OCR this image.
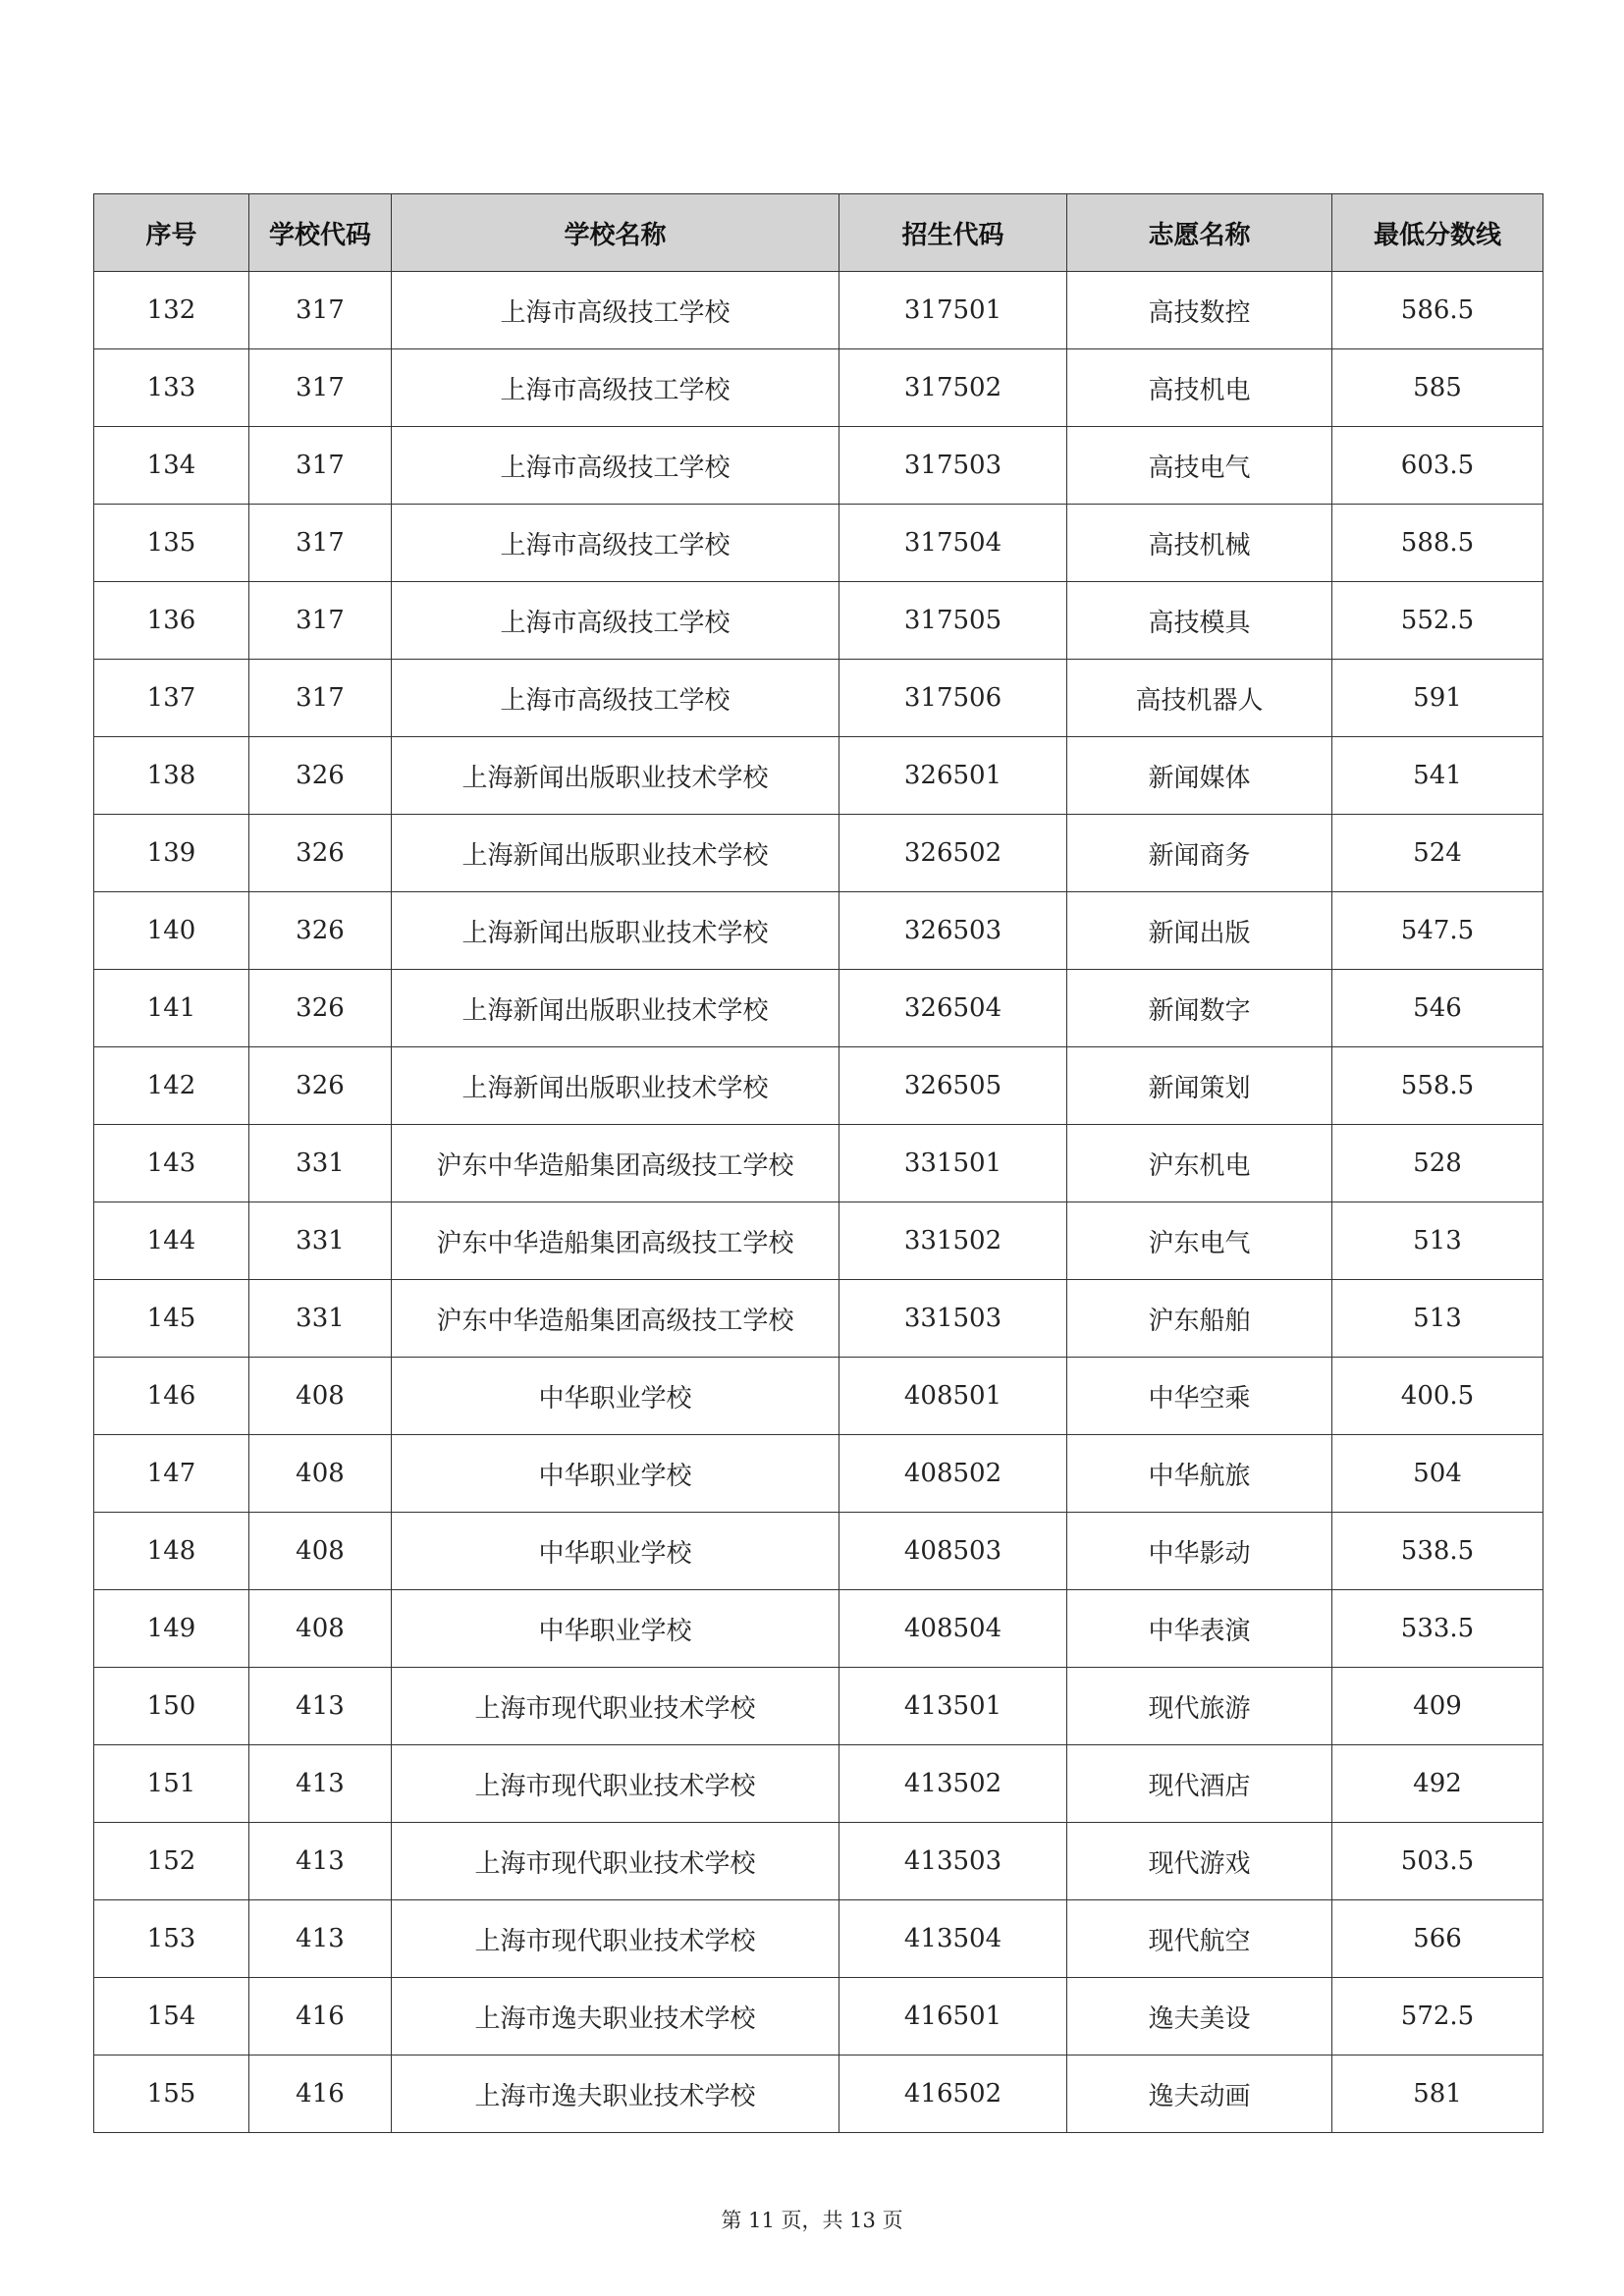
序号	学校代码	学校名称	招生代码	志愿名称	最低分数线
132	317	上海市高级技工学校	317501	高技数控	586.5
133	317	上海市高级技工学校	317502	高技机电	585
134	317	上海市高级技工学校	317503	高技电气	603.5
135	317	上海市高级技工学校	317504	高技机械	588.5
136	317	上海市高级技工学校	317505	高技模具	552.5
137	317	上海市高级技工学校	317506	高技机器人	591
138	326	上海新闻出版职业技术学校	326501	新闻媒体	541
139	326	上海新闻出版职业技术学校	326502	新闻商务	524
140	326	上海新闻出版职业技术学校	326503	新闻出版	547.5
141	326	上海新闻出版职业技术学校	326504	新闻数字	546
142	326	上海新闻出版职业技术学校	326505	新闻策划	558.5
143	331	沪东中华造船集团高级技工学校	331501	沪东机电	528
144	331	沪东中华造船集团高级技工学校	331502	沪东电气	513
145	331	沪东中华造船集团高级技工学校	331503	沪东船舶	513
146	408	中华职业学校	408501	中华空乘	400.5
147	408	中华职业学校	408502	中华航旅	504
148	408	中华职业学校	408503	中华影动	538.5
149	408	中华职业学校	408504	中华表演	533.5
150	413	上海市现代职业技术学校	413501	现代旅游	409
151	413	上海市现代职业技术学校	413502	现代酒店	492
152	413	上海市现代职业技术学校	413503	现代游戏	503.5
153	413	上海市现代职业技术学校	413504	现代航空	566
154	416	上海市逸夫职业技术学校	416501	逸夫美设	572.5
155	416	上海市逸夫职业技术学校	416502	逸夫动画	581
第 11 页，共 13 页
